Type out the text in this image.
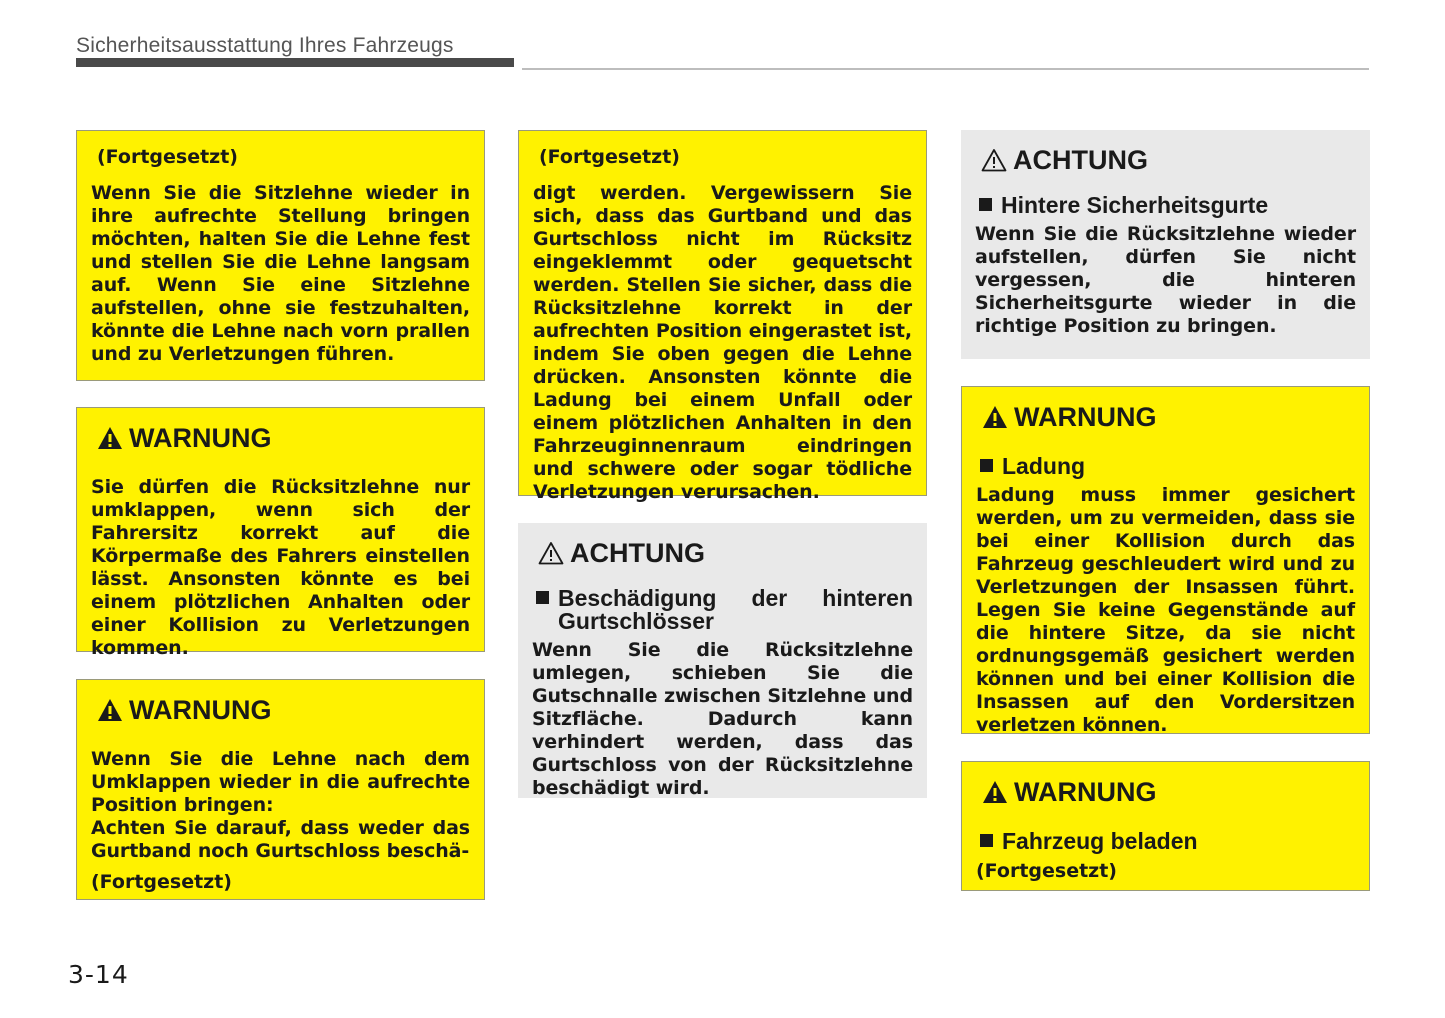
Sicherheitsausstattung Ihres Fahrzeugs

(Fortgesetzt)

Wenn Sie die Sitzlehne wieder in ihre aufrechte Stellung bringen möchten, halten Sie die Lehne fest und stellen Sie die Lehne langsam auf. Wenn Sie eine Sitzlehne aufstellen, ohne sie festzuhalten, könnte die Lehne nach vorn prallen und zu Verletzungen führen.

WARNUNG

Sie dürfen die Rücksitzlehne nur umklappen, wenn sich der Fahrersitz korrekt auf die Körpermaße des Fahrers einstellen lässt. Ansonsten könnte es bei einem plötzlichen Anhalten oder einer Kollision zu Verletzungen kommen.

WARNUNG

Wenn Sie die Lehne nach dem Umklappen wieder in die aufrechte Position bringen:

Achten Sie darauf, dass weder das Gurtband noch Gurtschloss beschä-

(Fortgesetzt)

(Fortgesetzt)

digt werden. Vergewissern Sie sich, dass das Gurtband und das Gurtschloss nicht im Rücksitz eingeklemmt oder gequetscht werden. Stellen Sie sicher, dass die Rücksitzlehne korrekt in der aufrechten Position eingerastet ist, indem Sie oben gegen die Lehne drücken. Ansonsten könnte die Ladung bei einem Unfall oder einem plötzlichen Anhalten in den Fahrzeuginnenraum eindringen und schwere oder sogar tödliche Verletzungen verursachen.

ACHTUNG
Beschädigung der hinteren Gurtschlösser

Wenn Sie die Rücksitzlehne umlegen, schieben Sie die Gutschnalle zwischen Sitzlehne und Sitzfläche. Dadurch kann verhindert werden, dass das Gurtschloss von der Rücksitzlehne beschädigt wird.

ACHTUNG
Hintere Sicherheitsgurte

Wenn Sie die Rücksitzlehne wieder aufstellen, dürfen Sie nicht vergessen, die hinteren Sicherheitsgurte wieder in die richtige Position zu bringen.

WARNUNG
Ladung

Ladung muss immer gesichert werden, um zu vermeiden, dass sie bei einer Kollision durch das Fahrzeug geschleudert wird und zu Verletzungen der Insassen führt. Legen Sie keine Gegenstände auf die hintere Sitze, da sie nicht ordnungsgemäß gesichert werden können und bei einer Kollision die Insassen auf den Vordersitzen verletzen können.

WARNUNG
Fahrzeug beladen

(Fortgesetzt)

3-14
